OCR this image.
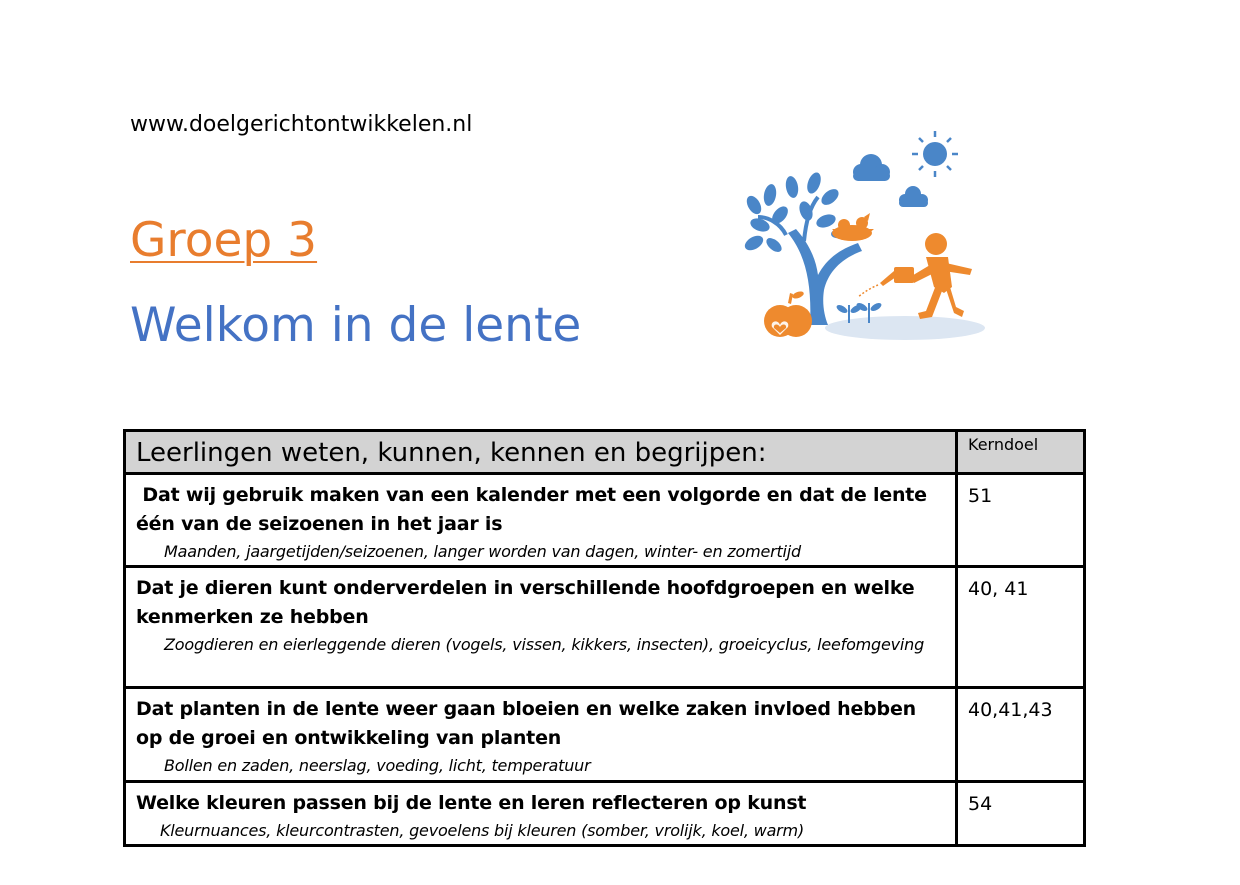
www.doelgerichtontwikkelen.nl
Groep 3
Welkom in de lente
Leerlingen weten, kunnen, kennen en begrijpen:	Kerndoel

Dat wij gebruik maken van een kalender met een volgorde en dat de lente één van de seizoenen in het jaar is
Maanden, jaargetijden/seizoenen, langer worden van dagen, winter- en zomertijd	51

Dat je dieren kunt onderverdelen in verschillende hoofdgroepen en welke kenmerken ze hebben
Zoogdieren en eierleggende dieren (vogels, vissen, kikkers, insecten), groeicyclus, leefomgeving	40, 41

Dat planten in de lente weer gaan bloeien en welke zaken invloed hebben op de groei en ontwikkeling van planten
Bollen en zaden, neerslag, voeding, licht, temperatuur	40,41,43

Welke kleuren passen bij de lente en leren reflecteren op kunst
Kleurnuances, kleurcontrasten, gevoelens bij kleuren (somber, vrolijk, koel, warm)	54
